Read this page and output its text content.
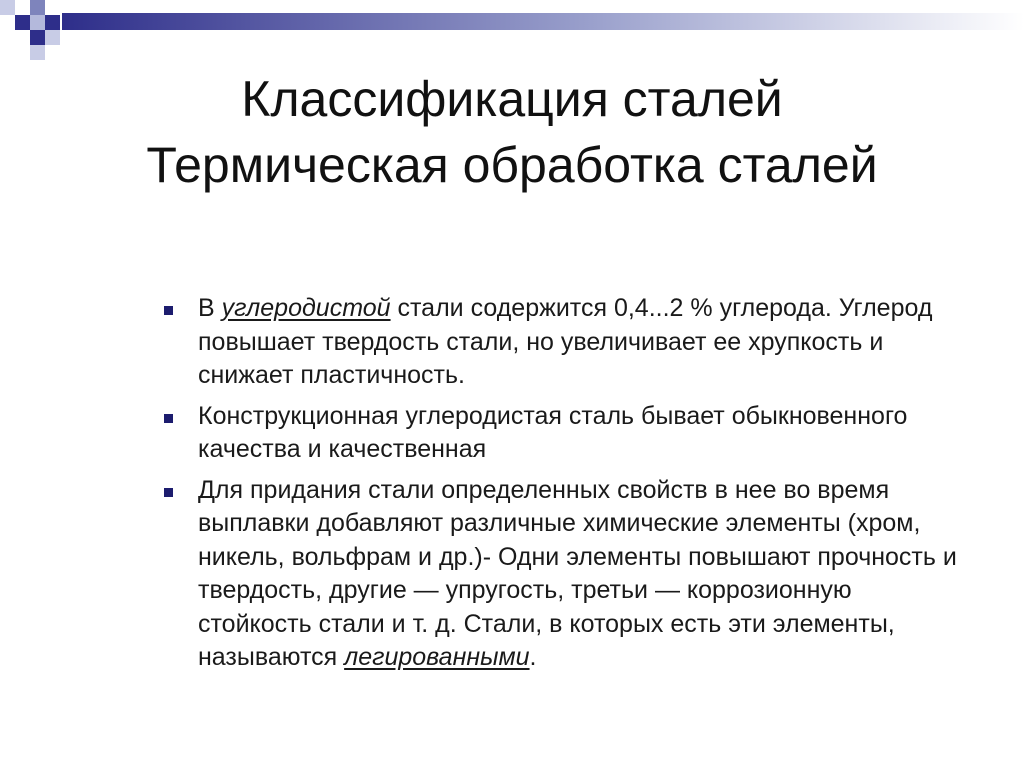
Классификация сталей
Термическая обработка сталей
В углеродистой стали содержится 0,4...2 % углерода. Углерод повышает твердость стали, но увеличивает ее хрупкость и снижает пластичность.
Конструкционная углеродистая сталь бывает обыкновенного качества и качественная
Для придания стали определенных свойств в нее во время выплавки добавляют различные химические элементы (хром, никель, вольфрам и др.)- Одни элементы повышают прочность и твердость, другие — упругость, третьи — коррозионную стойкость стали и т. д. Стали, в которых есть эти элементы, называются легированными.
